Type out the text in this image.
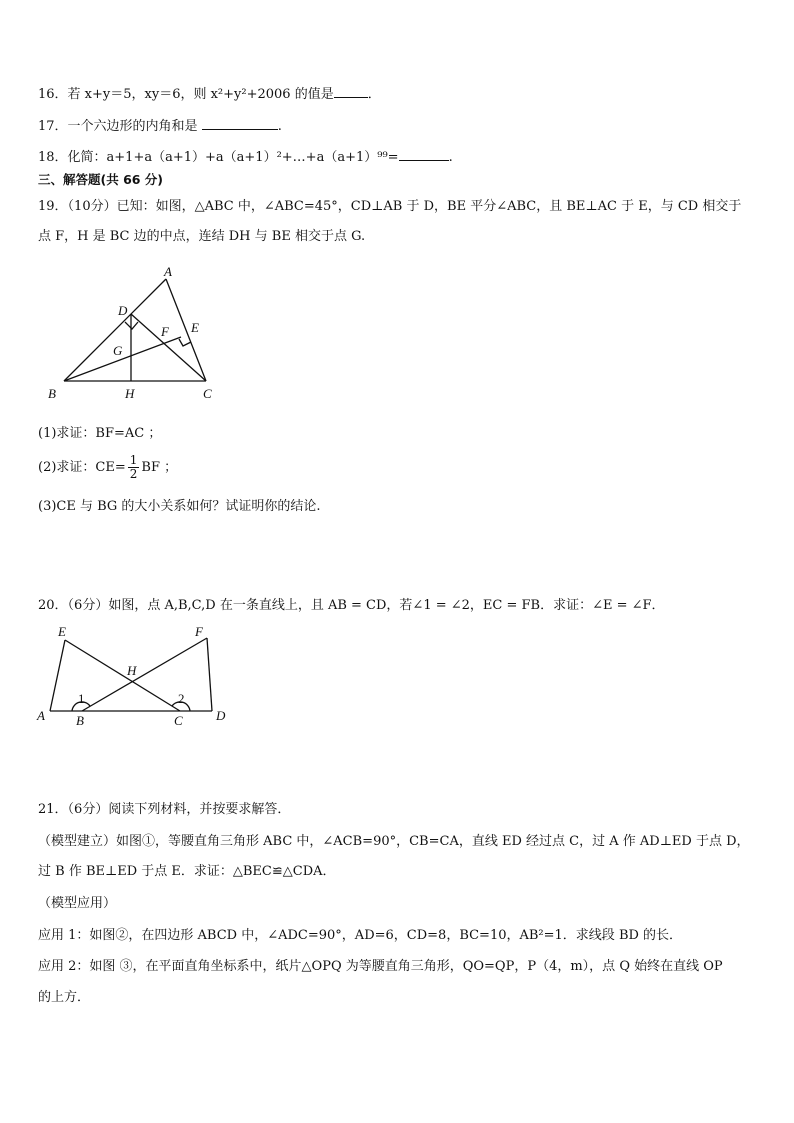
16．若 x+y＝5，xy＝6，则 x²+y²+2006 的值是	．
17．一个六边形的内角和是	.
18．化简：a+1+a（a+1）+a（a+1）²+…+a（a+1）⁹⁹=	.
三、解答题(共 66 分)
19．（10分）已知：如图，△ABC 中，∠ABC=45°，CD⊥AB 于 D，BE 平分∠ABC，且 BE⊥AC 于 E，与 CD 相交于
点 F，H 是 BC 边的中点，连结 DH 与 BE 相交于点 G.
A
B	C
D
E
F
G
H
(1)求证：BF=AC ；
(2)求证：$CE= \frac{1}{2}$ BF ；
(3)CE 与 BG 的大小关系如何？试证明你的结论.
20．（6分）如图，点 A,B,C,D 在一条直线上，且 AB = CD，若∠1 = ∠2，EC = FB．求证：∠E = ∠F．
E	F
H
A B	C	D
1	2
21．（6分）阅读下列材料，并按要求解答．
（模型建立）如图①，等腰直角三角形 ABC 中，∠ACB=90°，CB=CA，直线 ED 经过点 C，过 A 作 AD⊥ED 于点 D，
过 B 作 BE⊥ED 于点 E．求证：△BEC≌△CDA．
（模型应用）
应用 1：如图②，在四边形 ABCD 中，∠ADC=90°，AD=6，CD=8，BC=10，AB²=1．求线段 BD 的长．
应用 2：如图 ③，在平面直角坐标系中，纸片△OPQ 为等腰直角三角形，QO=QP，P（4，m），点 Q 始终在直线 OP
的上方．
